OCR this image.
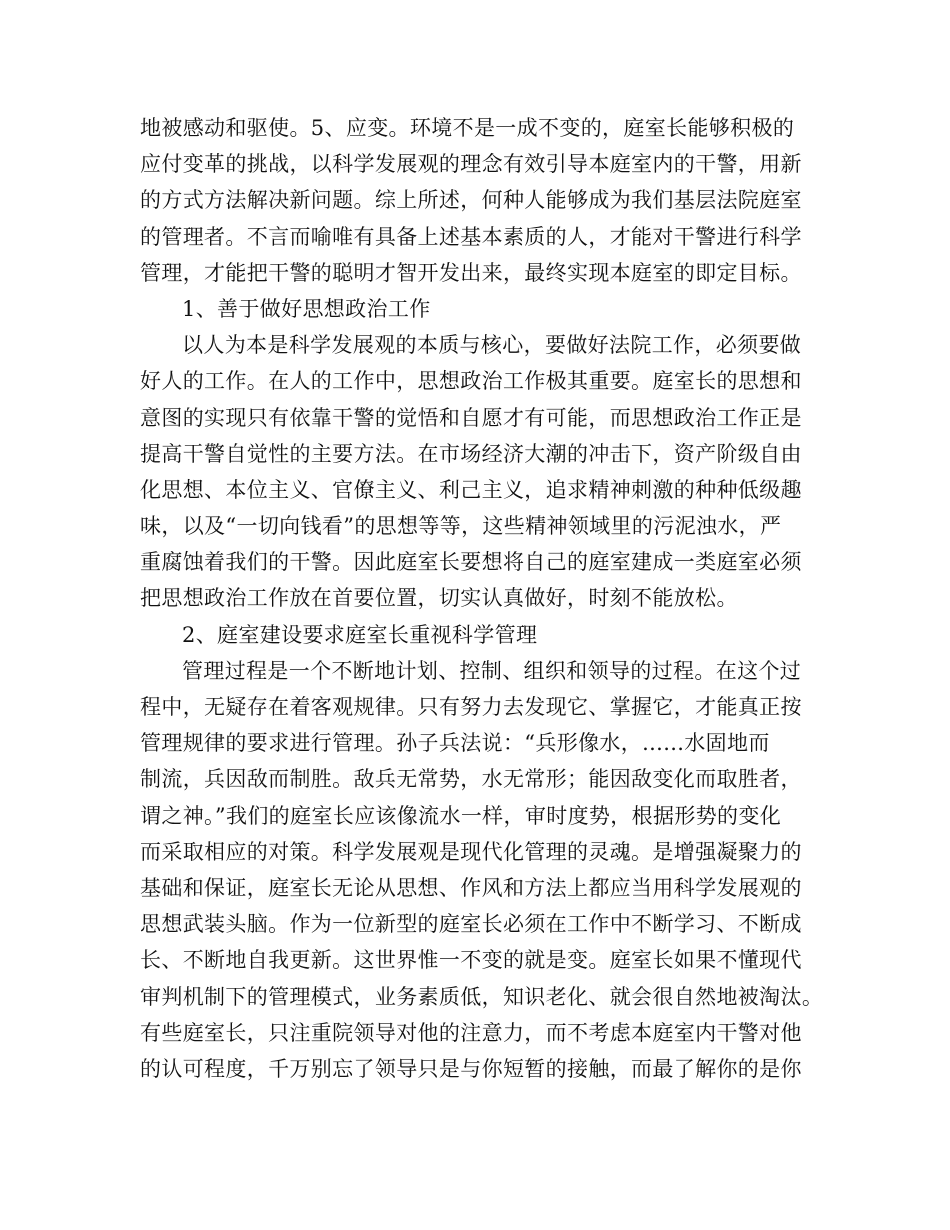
地被感动和驱使。5、应变。环境不是一成不变的，庭室长能够积极的
应付变革的挑战，以科学发展观的理念有效引导本庭室内的干警，用新
的方式方法解决新问题。综上所述，何种人能够成为我们基层法院庭室
的管理者。不言而喻唯有具备上述基本素质的人，才能对干警进行科学
管理，才能把干警的聪明才智开发出来，最终实现本庭室的即定目标。
1、善于做好思想政治工作
以人为本是科学发展观的本质与核心，要做好法院工作，必须要做
好人的工作。在人的工作中，思想政治工作极其重要。庭室长的思想和
意图的实现只有依靠干警的觉悟和自愿才有可能，而思想政治工作正是
提高干警自觉性的主要方法。在市场经济大潮的冲击下，资产阶级自由
化思想、本位主义、官僚主义、利己主义，追求精神刺激的种种低级趣
味，以及“一切向钱看”的思想等等，这些精神领域里的污泥浊水，严
重腐蚀着我们的干警。因此庭室长要想将自己的庭室建成一类庭室必须
把思想政治工作放在首要位置，切实认真做好，时刻不能放松。
2、庭室建设要求庭室长重视科学管理
管理过程是一个不断地计划、控制、组织和领导的过程。在这个过
程中，无疑存在着客观规律。只有努力去发现它、掌握它，才能真正按
管理规律的要求进行管理。孙子兵法说：“兵形像水，......水固地而
制流，兵因敌而制胜。敌兵无常势，水无常形；能因敌变化而取胜者，
谓之神。”我们的庭室长应该像流水一样，审时度势，根据形势的变化
而采取相应的对策。科学发展观是现代化管理的灵魂。是增强凝聚力的
基础和保证，庭室长无论从思想、作风和方法上都应当用科学发展观的
思想武装头脑。作为一位新型的庭室长必须在工作中不断学习、不断成
长、不断地自我更新。这世界惟一不变的就是变。庭室长如果不懂现代
审判机制下的管理模式，业务素质低，知识老化、就会很自然地被淘汰。
有些庭室长，只注重院领导对他的注意力，而不考虑本庭室内干警对他
的认可程度，千万别忘了领导只是与你短暂的接触，而最了解你的是你
